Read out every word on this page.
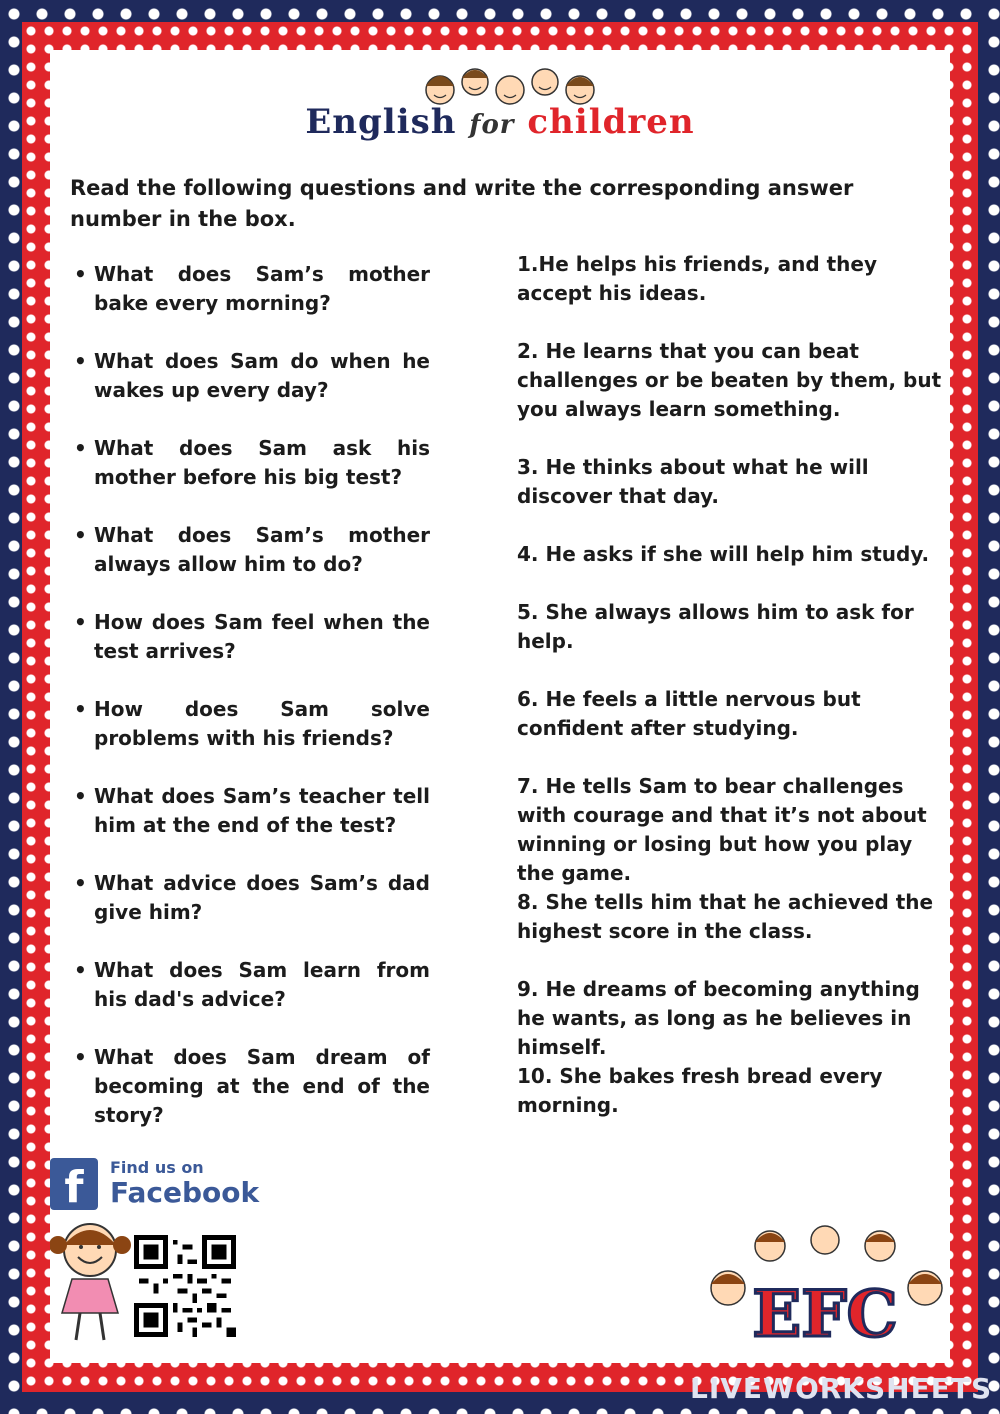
English for children
Read the following questions and write the corresponding answer number in the box.
• What does Sam’s mother bake every morning?
• What does Sam do when he wakes up every day?
• What does Sam ask his mother before his big test?
• What does Sam’s mother always allow him to do?
• How does Sam feel when the test arrives?
• How does Sam solve problems with his friends?
• What does Sam’s teacher tell him at the end of the test?
• What advice does Sam’s dad give him?
• What does Sam learn from his dad's advice?
• What does Sam dream of becoming at the end of the story?
1.He helps his friends, and they accept his ideas.
2. He learns that you can beat challenges or be beaten by them, but you always learn something.
3. He thinks about what he will discover that day.
4. He asks if she will help him study.
5. She always allows him to ask for help.
6. He feels a little nervous but confident after studying.
7. He tells Sam to bear challenges with courage and that it’s not about winning or losing but how you play the game.
8. She tells him that he achieved the highest score in the class.
9. He dreams of becoming anything he wants, as long as he believes in himself.
10. She bakes fresh bread every morning.
f	Find us on
Facebook
EFC
LIVEWORKSHEETS
